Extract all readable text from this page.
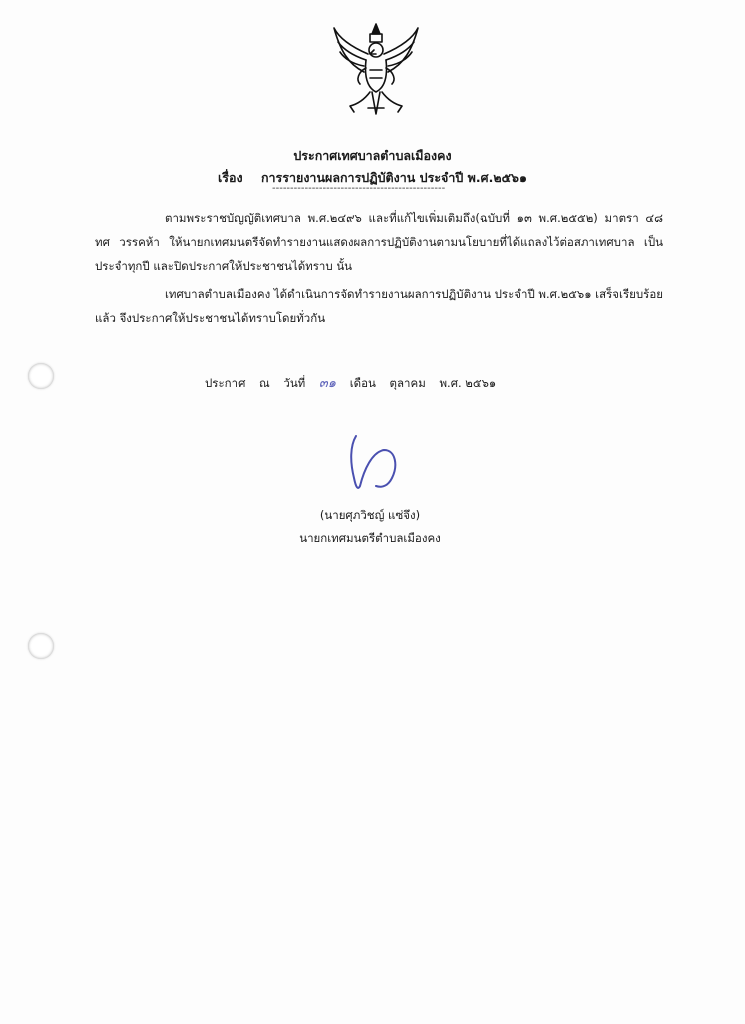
ประกาศเทศบาลตำบลเมืองคง
เรื่อง การรายงานผลการปฏิบัติงาน ประจำปี พ.ศ.๒๕๖๑
------------------------------------------------
ตามพระราชบัญญัติเทศบาล พ.ศ.๒๔๙๖ และที่แก้ไขเพิ่มเติมถึง(ฉบับที่ ๑๓ พ.ศ.๒๕๕๒) มาตรา ๔๘ ทศ วรรคห้า ให้นายกเทศมนตรีจัดทำรายงานแสดงผลการปฏิบัติงานตามนโยบายที่ได้แถลงไว้ต่อสภาเทศบาล เป็นประจำทุกปี และปิดประกาศให้ประชาชนได้ทราบ นั้น
เทศบาลตำบลเมืองคง ได้ดำเนินการจัดทำรายงานผลการปฏิบัติงาน ประจำปี พ.ศ.๒๕๖๑ เสร็จเรียบร้อยแล้ว จึงประกาศให้ประชาชนได้ทราบโดยทั่วกัน
ประกาศ ณ วันที่ ๓๑ เดือน ตุลาคม พ.ศ. ๒๕๖๑
(นายศุภวิชญ์ แซ่จึง)
นายกเทศมนตรีตำบลเมืองคง
